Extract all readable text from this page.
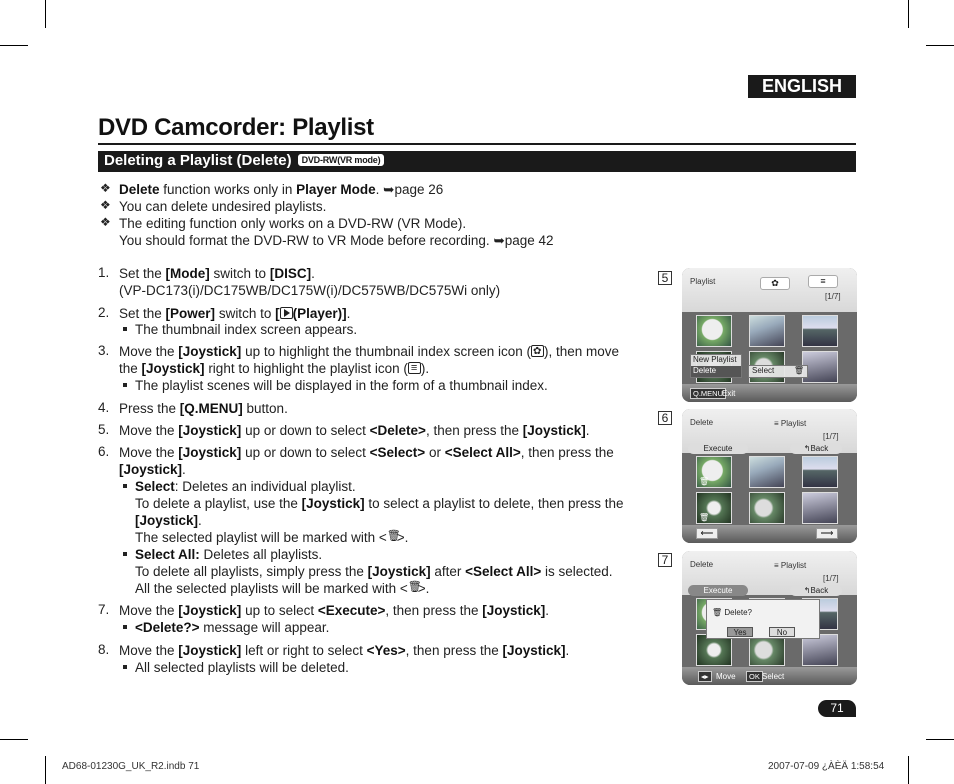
ENGLISH
DVD Camcorder: Playlist
Deleting a Playlist (Delete) DVD-RW(VR mode)
❖ Delete function works only in Player Mode. ➥page 26
❖ You can delete undesired playlists.
❖ The editing function only works on a DVD-RW (VR Mode).
You should format the DVD-RW to VR Mode before recording. ➥page 42
1. Set the [Mode] switch to [DISC].
(VP-DC173(i)/DC175WB/DC175W(i)/DC575WB/DC575Wi only)
2. Set the [Power] switch to [ (Player)].
The thumbnail index screen appears.
3. Move the [Joystick] up to highlight the thumbnail index screen icon ( ✿ ), then move
the [Joystick] right to highlight the playlist icon ( ≡ ).
The playlist scenes will be displayed in the form of a thumbnail index.
4. Press the [Q.MENU] button.
5. Move the [Joystick] up or down to select <Delete>, then press the [Joystick].
6. Move the [Joystick] up or down to select <Select> or <Select All>, then press the
[Joystick].
Select: Deletes an individual playlist.
To delete a playlist, use the [Joystick] to select a playlist to delete, then press the
[Joystick].
The selected playlist will be marked with < 🗑 >.
Select All: Deletes all playlists.
To delete all playlists, simply press the [Joystick] after <Select All> is selected.
All the selected playlists will be marked with < 🗑 >.
7. Move the [Joystick] up to select <Execute>, then press the [Joystick].
<Delete?> message will appear.
8. Move the [Joystick] left or right to select <Yes>, then press the [Joystick].
All selected playlists will be deleted.
5	Playlist	✿	≡
[1/7]
New Playlist
Delete	Select 🗑
Q.MENU Exit
6	Delete	≡ Playlist
[1/7]
Execute	↰Back
🗑
🗑
⟵	⟶
7	Delete	≡ Playlist
[1/7]
Execute	↰Back
🗑 Delete?
Yes	No
◂▸ Move	OK Select
71
AD68-01230G_UK_R2.indb 71	2007-07-09 ¿ÀÈÄ 1:58:54
